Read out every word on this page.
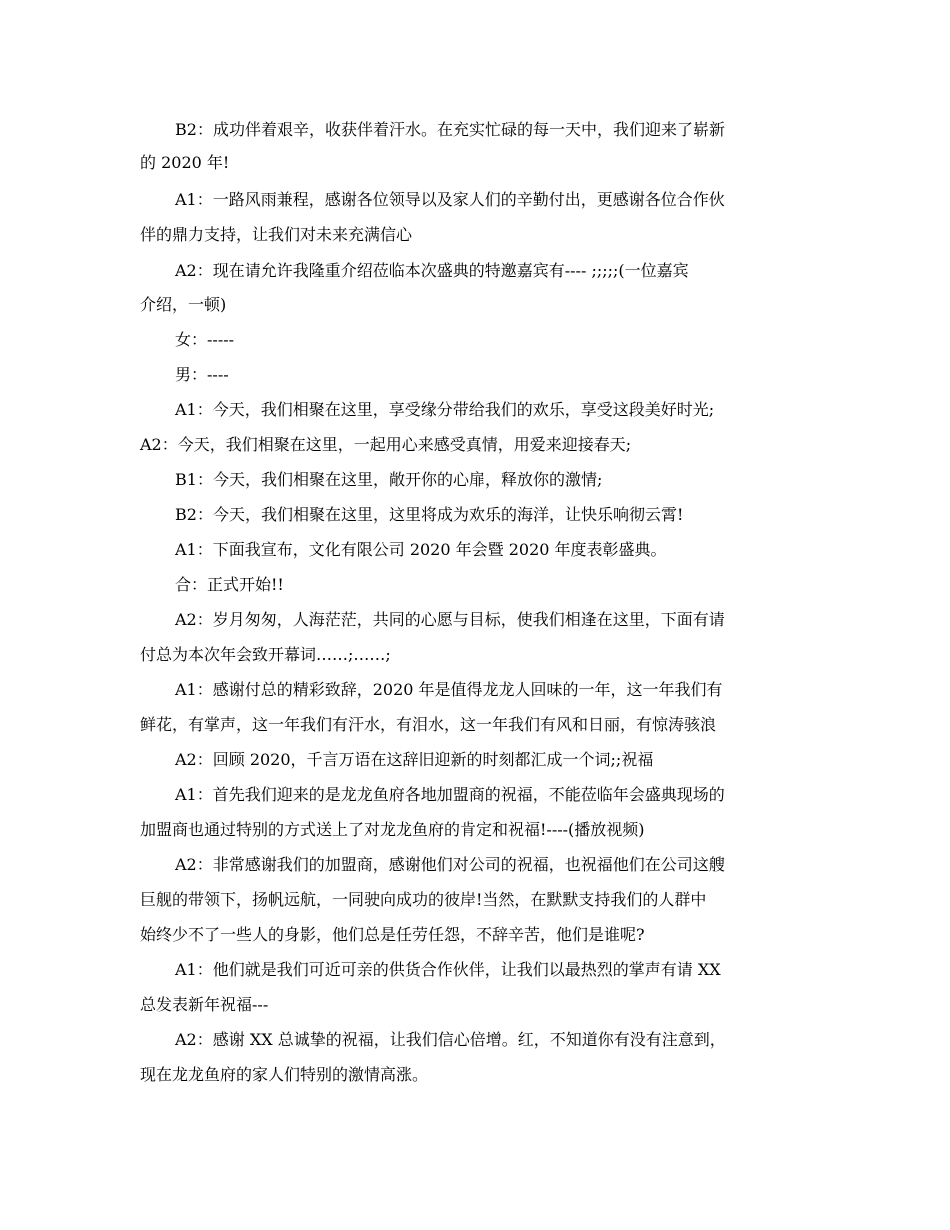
B2：成功伴着艰辛，收获伴着汗水。在充实忙碌的每一天中，我们迎来了崭新
的 2020 年!
A1：一路风雨兼程，感谢各位领导以及家人们的辛勤付出，更感谢各位合作伙
伴的鼎力支持，让我们对未来充满信心
A2：现在请允许我隆重介绍莅临本次盛典的特邀嘉宾有---- ;;;;;(一位嘉宾
介绍，一顿)
女：-----
男：----
A1：今天，我们相聚在这里，享受缘分带给我们的欢乐，享受这段美好时光;
A2：今天，我们相聚在这里，一起用心来感受真情，用爱来迎接春天;
B1：今天，我们相聚在这里，敞开你的心扉，释放你的激情;
B2：今天，我们相聚在这里，这里将成为欢乐的海洋，让快乐响彻云霄!
A1：下面我宣布，文化有限公司 2020 年会暨 2020 年度表彰盛典。
合：正式开始!!
A2：岁月匆匆，人海茫茫，共同的心愿与目标，使我们相逢在这里，下面有请
付总为本次年会致开幕词……;……;
A1：感谢付总的精彩致辞，2020 年是值得龙龙人回味的一年，这一年我们有
鲜花，有掌声，这一年我们有汗水，有泪水，这一年我们有风和日丽，有惊涛骇浪
A2：回顾 2020，千言万语在这辞旧迎新的时刻都汇成一个词;;祝福
A1：首先我们迎来的是龙龙鱼府各地加盟商的祝福，不能莅临年会盛典现场的
加盟商也通过特别的方式送上了对龙龙鱼府的肯定和祝福!----(播放视频)
A2：非常感谢我们的加盟商，感谢他们对公司的祝福，也祝福他们在公司这艘
巨舰的带领下，扬帆远航，一同驶向成功的彼岸!当然，在默默支持我们的人群中
始终少不了一些人的身影，他们总是任劳任怨，不辞辛苦，他们是谁呢?
A1：他们就是我们可近可亲的供货合作伙伴，让我们以最热烈的掌声有请 XX
总发表新年祝福---
A2：感谢 XX 总诚挚的祝福，让我们信心倍增。红，不知道你有没有注意到，
现在龙龙鱼府的家人们特别的激情高涨。
